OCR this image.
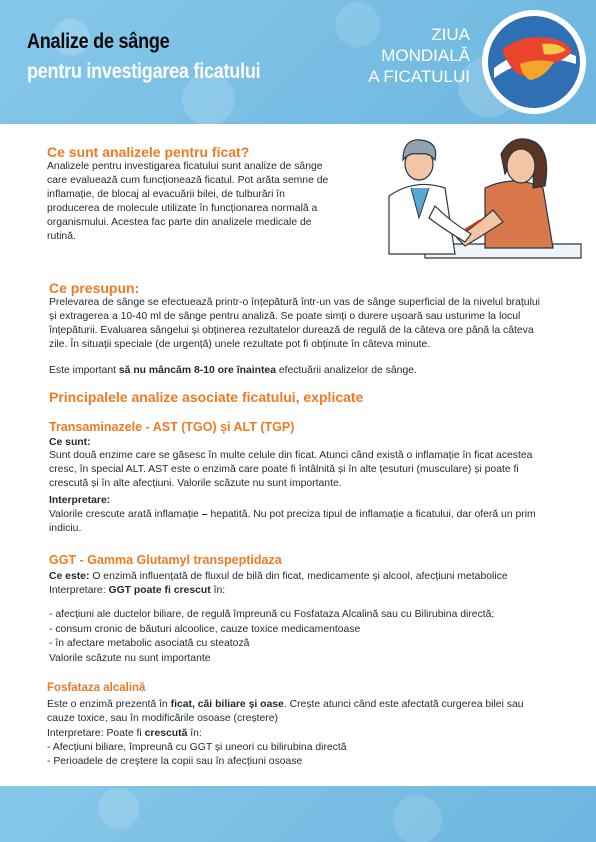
Analize de sânge
pentru investigarea ficatului
ZIUA
MONDIALĂ
A FICATULUI
Ce sunt analizele pentru ficat?
Analizele pentru investigarea ficatului sunt analize de sânge
care evaluează cum funcționează ficatul. Pot arăta semne de
inflamație, de blocaj al evacuării bilei, de tulburări în
producerea de molecule utilizate în funcționarea normală a
organismului. Acestea fac parte din analizele medicale de
rutină.
Ce presupun:
Prelevarea de sânge se efectuează printr-o înțepătură într-un vas de sânge superficial de la nivelul brațului
și extragerea a 10-40 ml de sânge pentru analiză. Se poate simți o durere ușoară sau usturime la locul
înțepăturii. Evaluarea sângelui și obținerea rezultatelor durează de regulă de la câteva ore până la câteva
zile. În situații speciale (de urgență) unele rezultate pot fi obținute în câteva minute.
Este important să nu mâncăm 8-10 ore înaintea efectuării analizelor de sânge.
Principalele analize asociate ficatului, explicate
Transaminazele - AST (TGO) și ALT (TGP)
Ce sunt:
Sunt două enzime care se găsesc în multe celule din ficat. Atunci când există o inflamație în ficat acestea
cresc, în special ALT. AST este o enzimă care poate fi întâlnită și în alte țesuturi (musculare) și poate fi
crescută și în alte afecțiuni. Valorile scăzute nu sunt importante.
Interpretare:
Valorile crescute arată inflamație – hepatită. Nu pot preciza tipul de inflamație a ficatului, dar oferă un prim
indiciu.
GGT - Gamma Glutamyl transpeptidaza
Ce este: O enzimă influențată de fluxul de bilă din ficat, medicamente și alcool, afecțiuni metabolice
Interpretare: GGT poate fi crescut în:
- afecțiuni ale ductelor biliare, de regulă împreună cu Fosfataza Alcalină sau cu Bilirubina directă;
- consum cronic de băuturi alcoolice, cauze toxice medicamentoase
- în afectare metabolic asociată cu steatoză
Valorile scăzute nu sunt importante
Fosfataza alcalină
Este o enzimă prezentă în ficat, căi biliare și oase. Crește atunci când este afectată curgerea bilei sau
cauze toxice, sau în modificările osoase (creștere)
Interpretare: Poate fi crescută în:
- Afecțiuni biliare, împreună cu GGT și uneori cu bilirubina directă
- Perioadele de creștere la copii sau în afecțiuni osoase
